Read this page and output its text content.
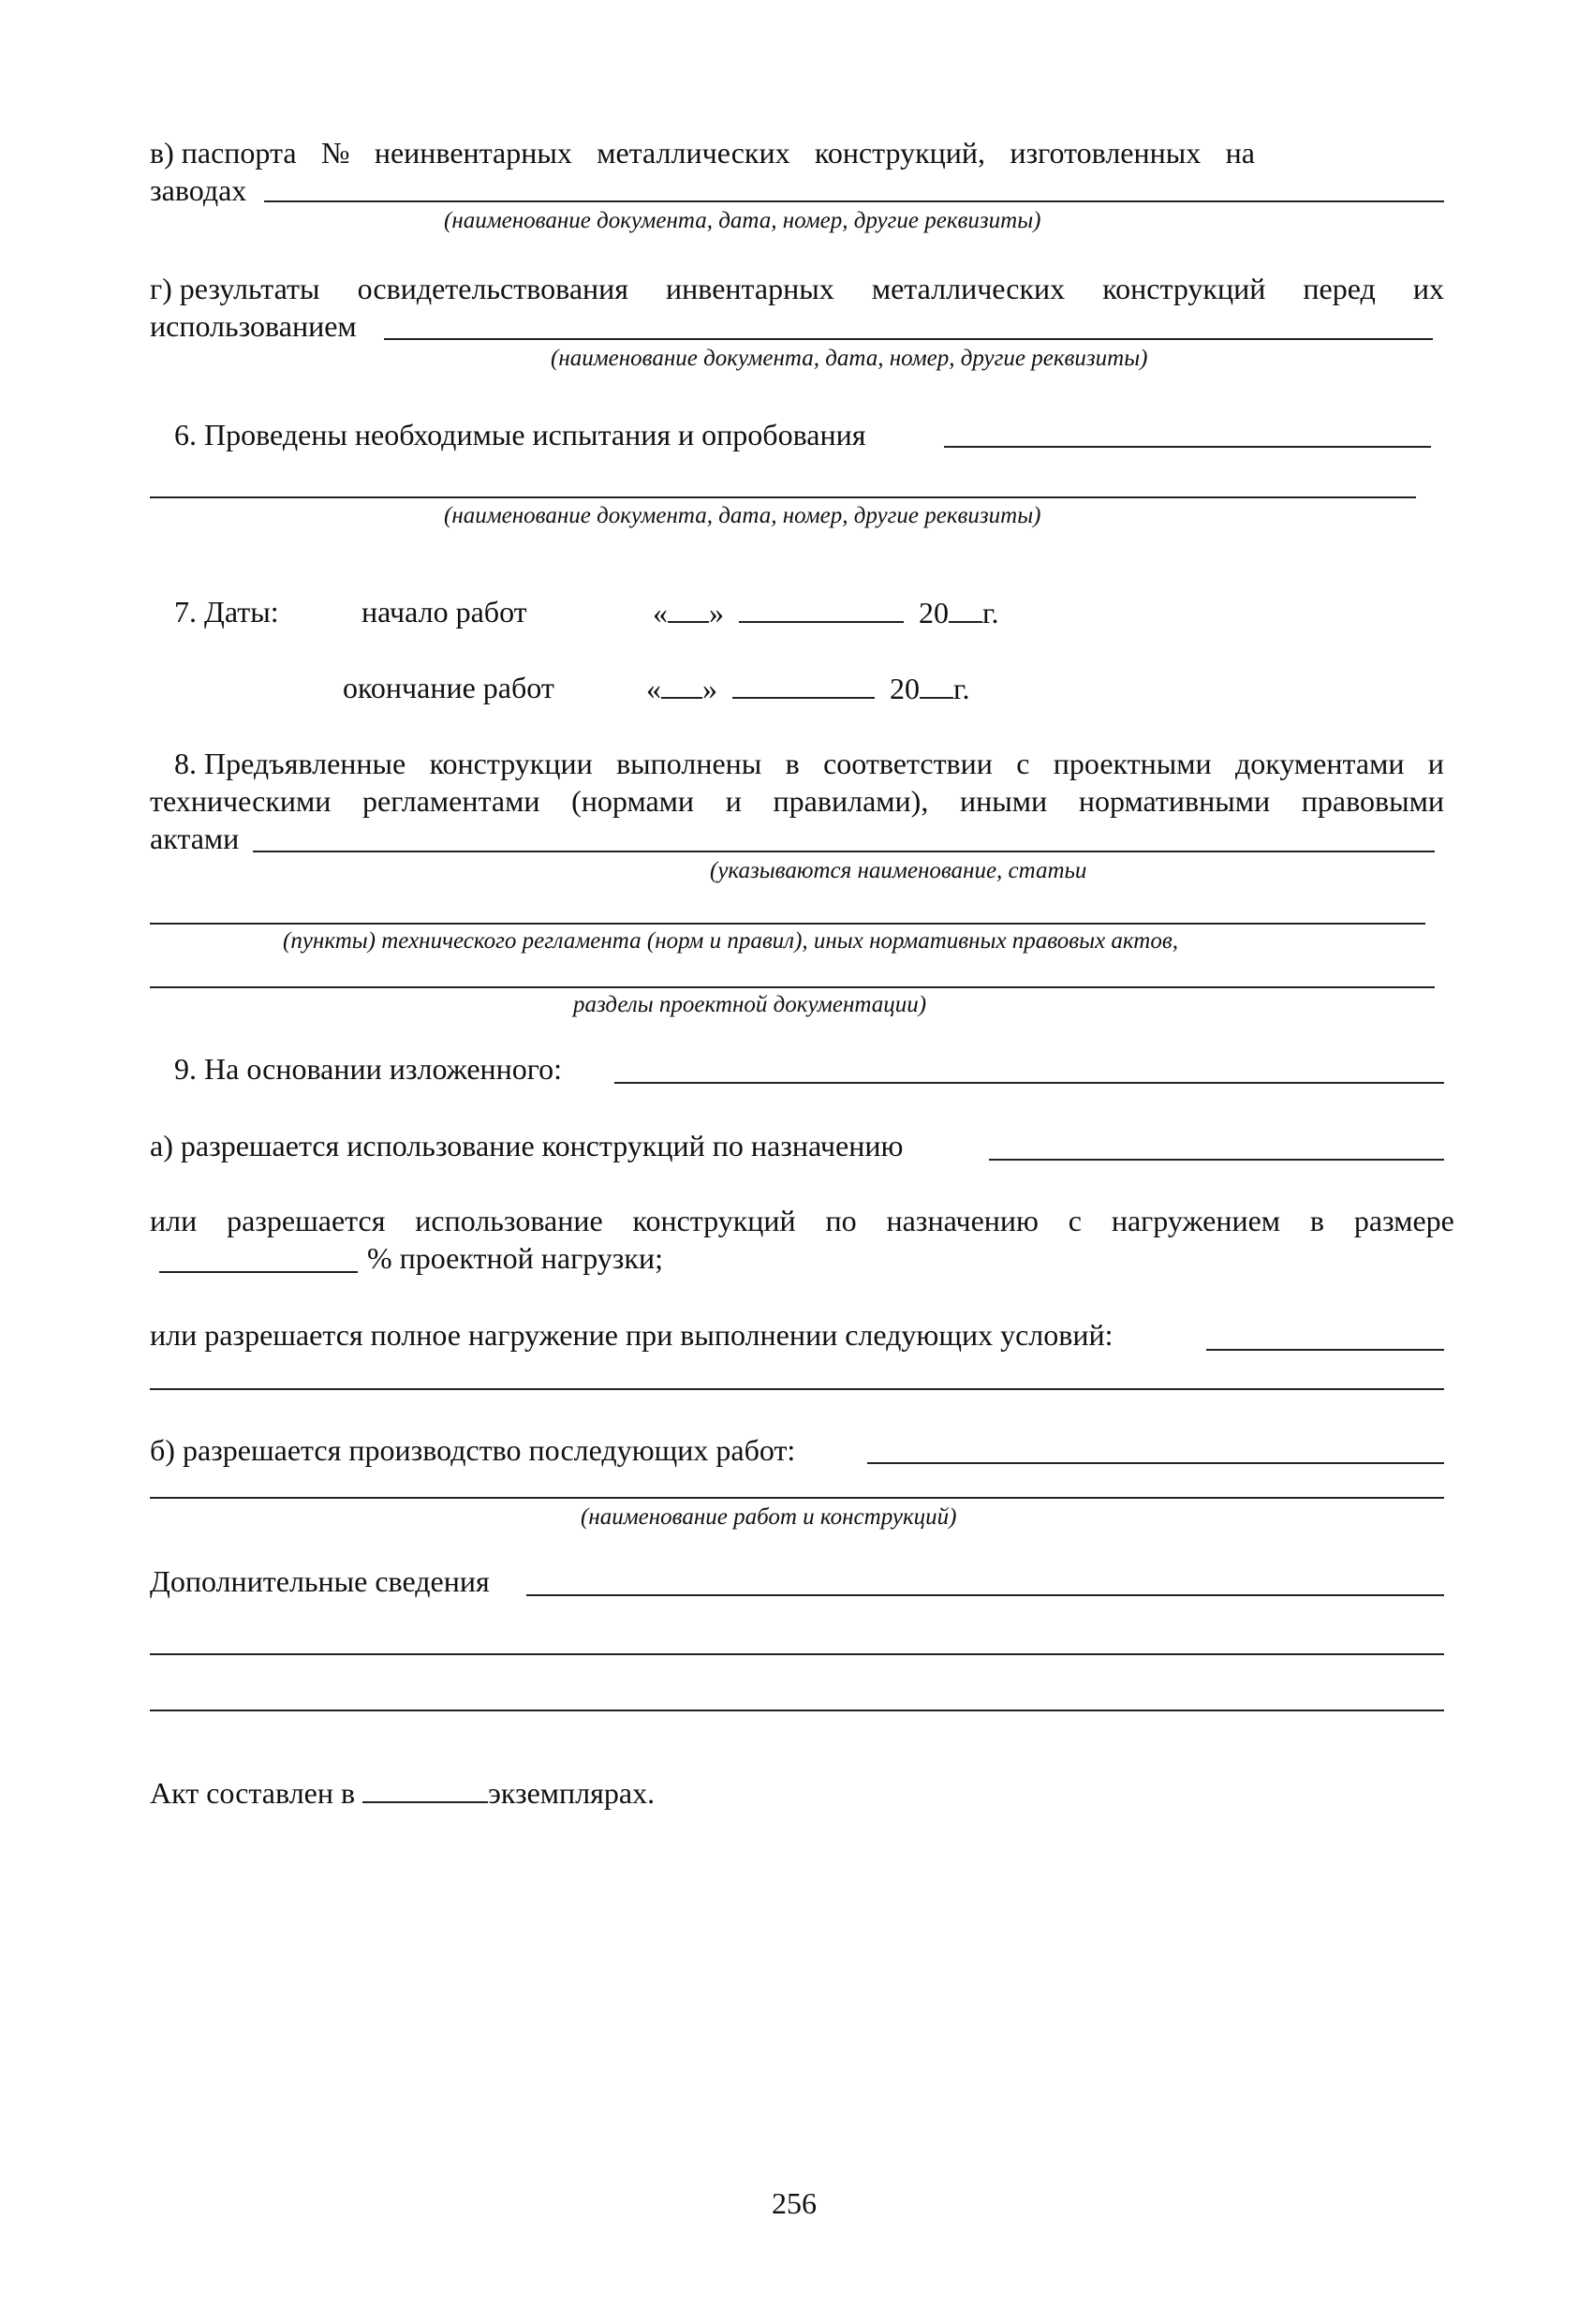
в) паспорта № неинвентарных металлических конструкций, изготовленных на
заводах
(наименование документа, дата, номер, другие реквизиты)
г) результаты освидетельствования инвентарных металлических конструкций перед их
использованием
(наименование документа, дата, номер, другие реквизиты)
6. Проведены необходимые испытания и опробования
(наименование документа, дата, номер, другие реквизиты)
7. Даты:	начало работ	« »	20 г.
окончание работ	« »	20 г.
8. Предъявленные конструкции выполнены в соответствии с проектными документами и
техническими регламентами (нормами и правилами), иными нормативными правовыми
актами
(указываются наименование, статьи
(пункты) технического регламента (норм и правил), иных нормативных правовых актов,
разделы проектной документации)
9. На основании изложенного:
а) разрешается использование конструкций по назначению
или разрешается использование конструкций по назначению с нагружением в размере
% проектной нагрузки;
или разрешается полное нагружение при выполнении следующих условий:
б) разрешается производство последующих работ:
(наименование работ и конструкций)
Дополнительные сведения
Акт составлен в	экземплярах.
256
